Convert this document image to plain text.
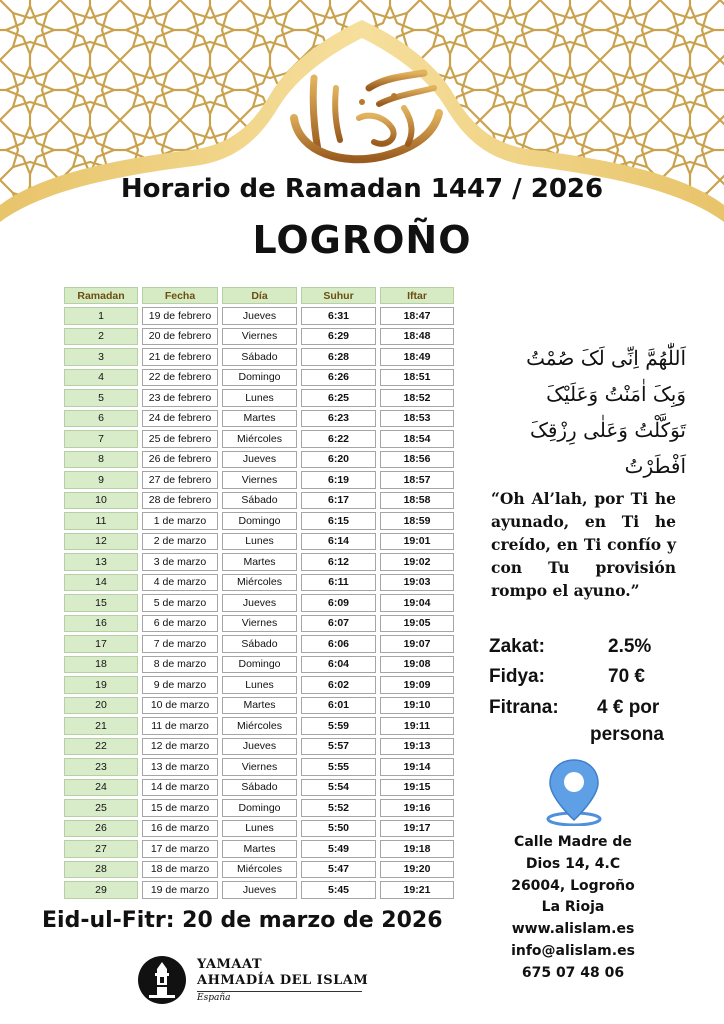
رمضان كريم
Horario de Ramadan 1447 / 2026
LOGROÑO
Ramadan	Fecha	Día	Suhur	Iftar
1	19 de febrero	Jueves	6:31	18:47
2	20 de febrero	Viernes	6:29	18:48
3	21 de febrero	Sábado	6:28	18:49
4	22 de febrero	Domingo	6:26	18:51
5	23 de febrero	Lunes	6:25	18:52
6	24 de febrero	Martes	6:23	18:53
7	25 de febrero	Miércoles	6:22	18:54
8	26 de febrero	Jueves	6:20	18:56
9	27 de febrero	Viernes	6:19	18:57
10	28 de febrero	Sábado	6:17	18:58
11	1 de marzo	Domingo	6:15	18:59
12	2 de marzo	Lunes	6:14	19:01
13	3 de marzo	Martes	6:12	19:02
14	4 de marzo	Miércoles	6:11	19:03
15	5 de marzo	Jueves	6:09	19:04
16	6 de marzo	Viernes	6:07	19:05
17	7 de marzo	Sábado	6:06	19:07
18	8 de marzo	Domingo	6:04	19:08
19	9 de marzo	Lunes	6:02	19:09
20	10 de marzo	Martes	6:01	19:10
21	11 de marzo	Miércoles	5:59	19:11
22	12 de marzo	Jueves	5:57	19:13
23	13 de marzo	Viernes	5:55	19:14
24	14 de marzo	Sábado	5:54	19:15
25	15 de marzo	Domingo	5:52	19:16
26	16 de marzo	Lunes	5:50	19:17
27	17 de marzo	Martes	5:49	19:18
28	18 de marzo	Miércoles	5:47	19:20
29	19 de marzo	Jueves	5:45	19:21
اَللّٰهُمَّ اِنِّی لَکَ صُمْتُ
وَبِکَ اٰمَنْتُ وَعَلَیْکَ
تَوَکَّلْتُ وَعَلٰى رِزْقِکَ
اَفْطَرْتُ
“Oh Al’lah, por Ti he ayunado, en Ti he creído, en Ti confío y con Tu provisión rompo el ayuno.”
Zakat:	2.5%
Fidya:	70 €
Fitrana: 4 € por
persona
Calle Madre de
Dios 14, 4.C
26004, Logroño
La Rioja
www.alislam.es
info@alislam.es
675 07 48 06
Eid-ul-Fitr: 20 de marzo de 2026
YAMAAT
AHMADÍA DEL ISLAM
España
